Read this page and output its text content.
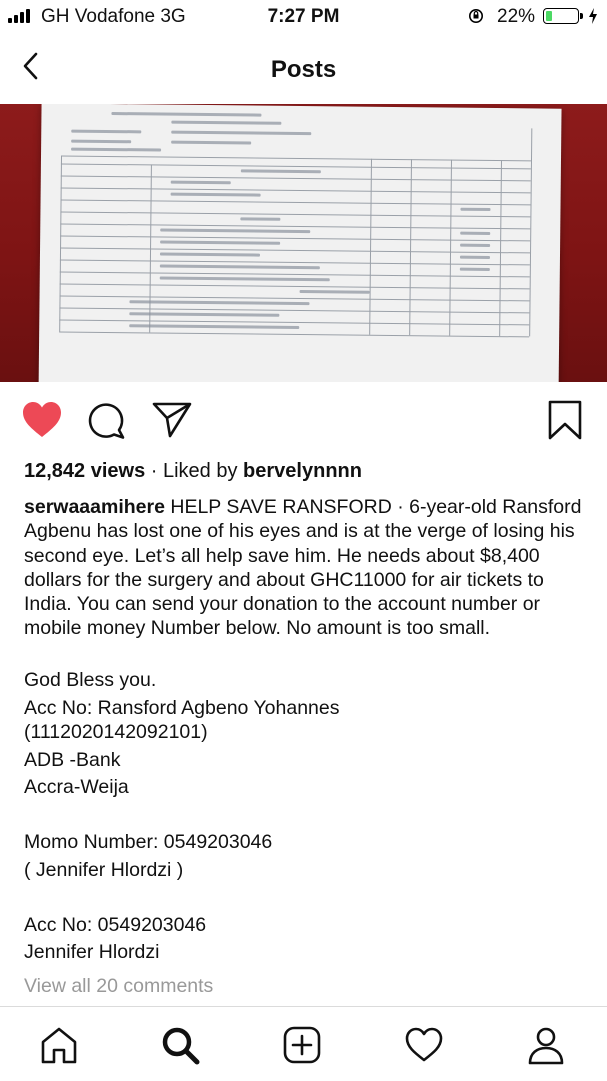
GH Vodafone 3G	7:27 PM	22%
Posts
12,842 views · Liked by bervelynnnn

serwaaamihere HELP SAVE RANSFORD · 6-year-old Ransford Agbenu has lost one of his eyes and is at the verge of losing his second eye. Let’s all help save him. He needs about $8,400 dollars for the surgery and about GHC11000 for air tickets to India. You can send your donation to the account number or mobile money Number below. No amount is too small.

God Bless you.
Acc No: Ransford Agbeno Yohannes
(1112020142092101)
ADB -Bank
Accra-Weija
Momo Number: 0549203046
( Jennifer Hlordzi )
Acc No: 0549203046
Jennifer Hlordzi
View all 20 comments
